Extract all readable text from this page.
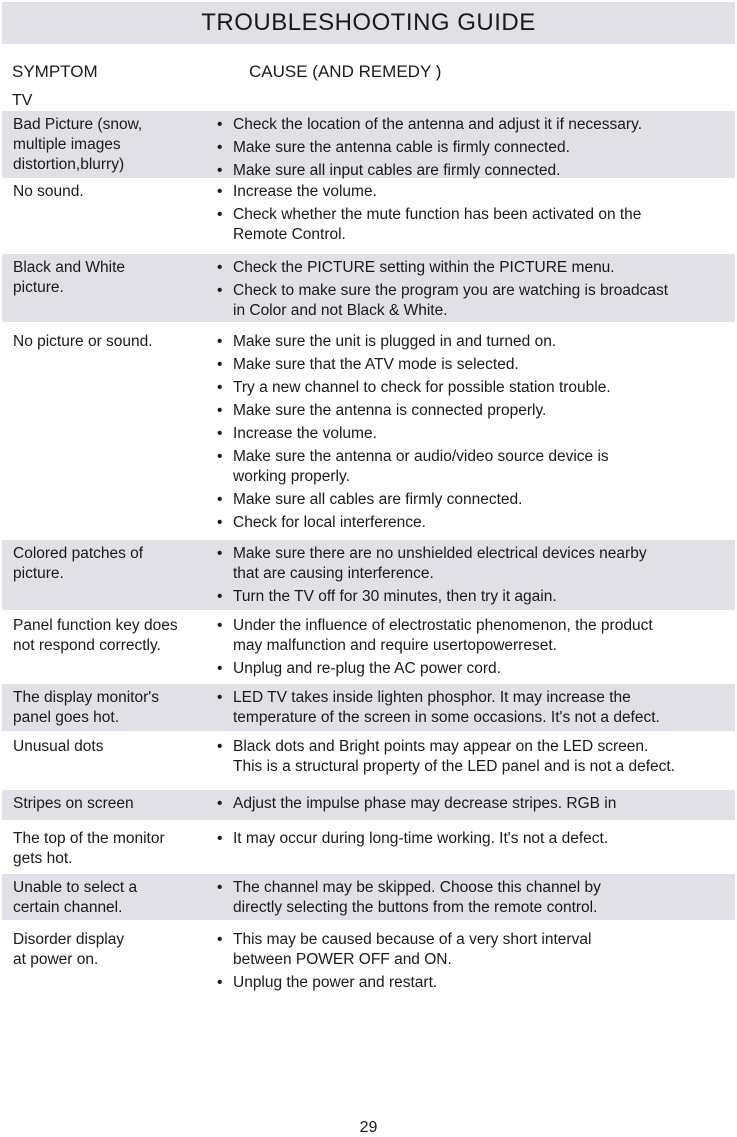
TROUBLESHOOTING GUIDE
SYMPTOM	CAUSE (AND REMEDY )
TV
Bad Picture (snow,
multiple images
distortion,blurry)
• Check the location of the antenna and adjust it if necessary.
• Make sure the antenna cable is firmly connected.
• Make sure all input cables are firmly connected.
No sound.	• Increase the volume.
• Check whether the mute function has been activated on the
Remote Control.
Black and White
picture.
• Check the PICTURE setting within the PICTURE menu.
• Check to make sure the program you are watching is broadcast
in Color and not Black & White.
No picture or sound.	• Make sure the unit is plugged in and turned on.
• Make sure that the ATV mode is selected.
• Try a new channel to check for possible station trouble.
• Make sure the antenna is connected properly.
• Increase the volume.
• Make sure the antenna or audio/video source device is
working properly.
• Make sure all cables are firmly connected.
• Check for local interference.
Colored patches of
picture.
• Make sure there are no unshielded electrical devices nearby
that are causing interference.
• Turn the TV off for 30 minutes, then try it again.
Panel function key does
not respond correctly.
• Under the influence of electrostatic phenomenon, the product
may malfunction and require usertopowerreset.
• Unplug and re-plug the AC power cord.
The display monitor's
panel goes hot.
• LED TV takes inside lighten phosphor. It may increase the
temperature of the screen in some occasions. It's not a defect.
Unusual dots	• Black dots and Bright points may appear on the LED screen.
This is a structural property of the LED panel and is not a defect.
Stripes on screen	• Adjust the impulse phase may decrease stripes. RGB in
The top of the monitor
gets hot.
• It may occur during long-time working. It's not a defect.
Unable to select a
certain channel.
• The channel may be skipped. Choose this channel by
directly selecting the buttons from the remote control.
Disorder display
at power on.
• This may be caused because of a very short interval
between POWER OFF and ON.
• Unplug the power and restart.
29
